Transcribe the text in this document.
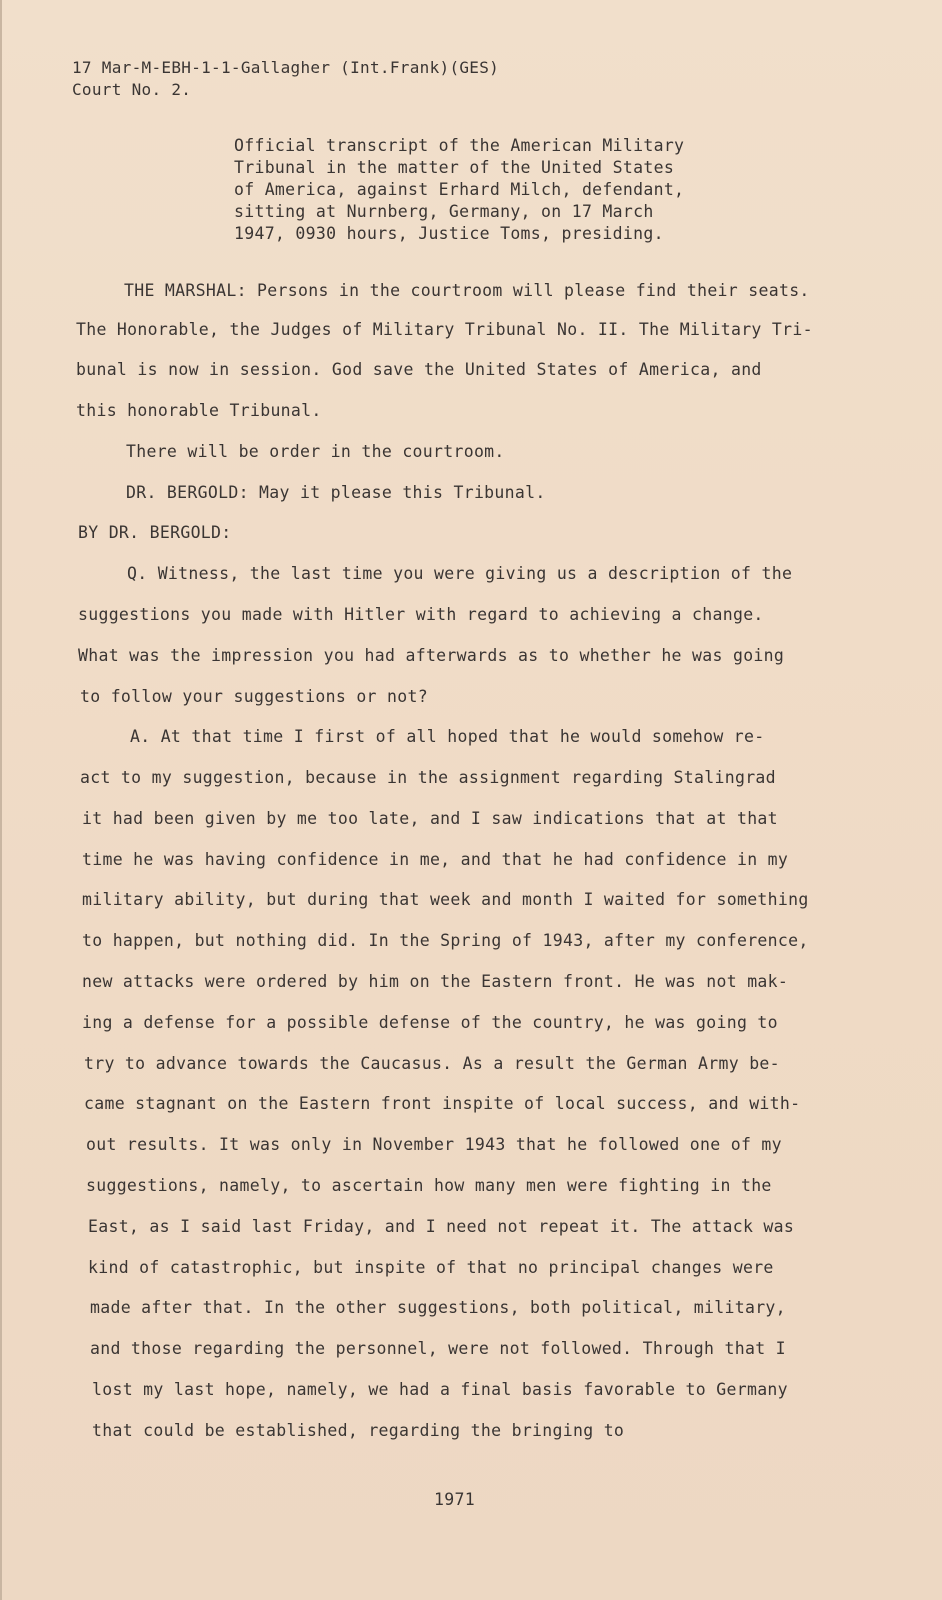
17 Mar-M-EBH-1-1-Gallagher (Int.Frank)(GES)
Court No. 2.
Official transcript of the American Military
Tribunal in the matter of the United States
of America, against Erhard Milch, defendant,
sitting at Nurnberg, Germany, on 17 March
1947, 0930 hours, Justice Toms, presiding.
THE MARSHAL: Persons in the courtroom will please find their seats.
The Honorable, the Judges of Military Tribunal No. II. The Military Tri-
bunal is now in session. God save the United States of America, and
this honorable Tribunal.
There will be order in the courtroom.
DR. BERGOLD: May it please this Tribunal.
BY DR. BERGOLD:
Q. Witness, the last time you were giving us a description of the
suggestions you made with Hitler with regard to achieving a change.
What was the impression you had afterwards as to whether he was going
to follow your suggestions or not?
A. At that time I first of all hoped that he would somehow re-
act to my suggestion, because in the assignment regarding Stalingrad
it had been given by me too late, and I saw indications that at that
time he was having confidence in me, and that he had confidence in my
military ability, but during that week and month I waited for something
to happen, but nothing did. In the Spring of 1943, after my conference,
new attacks were ordered by him on the Eastern front. He was not mak-
ing a defense for a possible defense of the country, he was going to
try to advance towards the Caucasus. As a result the German Army be-
came stagnant on the Eastern front inspite of local success, and with-
out results. It was only in November 1943 that he followed one of my
suggestions, namely, to ascertain how many men were fighting in the
East, as I said last Friday, and I need not repeat it. The attack was
kind of catastrophic, but inspite of that no principal changes were
made after that. In the other suggestions, both political, military,
and those regarding the personnel, were not followed. Through that I
lost my last hope, namely, we had a final basis favorable to Germany
that could be established, regarding the bringing to
1971
